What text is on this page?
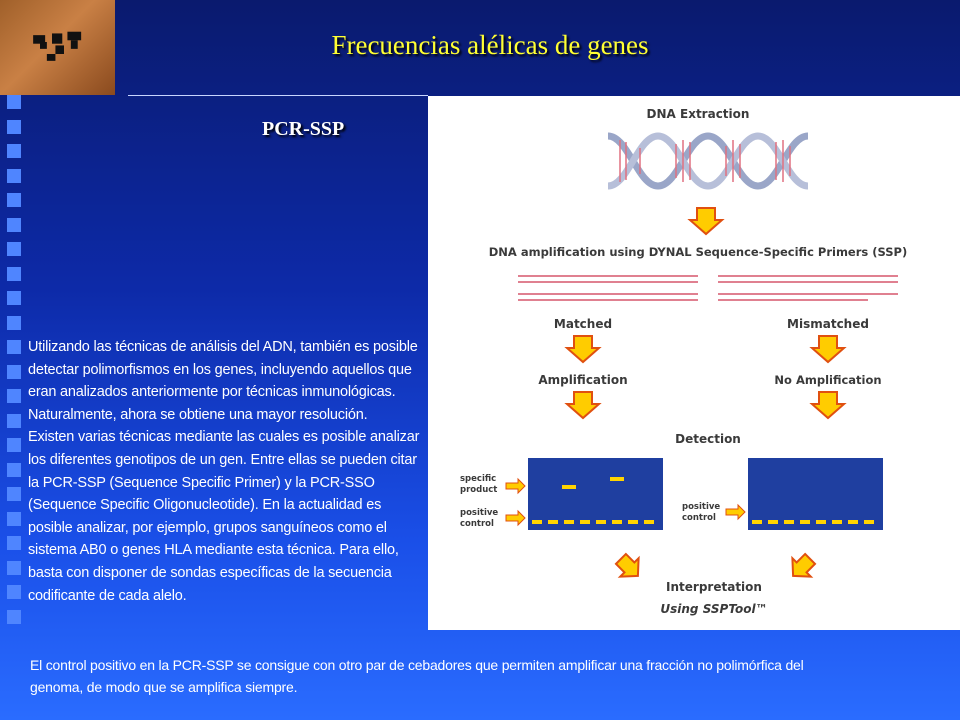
Frecuencias alélicas de genes
PCR-SSP

Utilizando las técnicas de análisis del ADN, también es posible detectar polimorfismos en los genes, incluyendo aquellos que eran analizados anteriormente por técnicas inmunológicas. Naturalmente, ahora se obtiene una mayor resolución.

Existen varias técnicas mediante las cuales es posible analizar los diferentes genotipos de un gen. Entre ellas se pueden citar la PCR-SSP (Sequence Specific Primer) y la PCR-SSO (Sequence Specific Oligonucleotide). En la actualidad es posible analizar, por ejemplo, grupos sanguíneos como el sistema AB0 o genes HLA mediante esta técnica. Para ello, basta con disponer de sondas específicas de la secuencia codificante de cada alelo.

El control positivo en la PCR-SSP se consigue con otro par de cebadores que permiten amplificar una fracción no polimórfica del genoma, de modo que se amplifica siempre.
DNA Extraction
DNA amplification using DYNAL Sequence-Specific Primers (SSP)
Matched	Mismatched
Amplification	No Amplification
Detection
specific
product
positive
control
positive
control
Interpretation
Using SSPTool™
